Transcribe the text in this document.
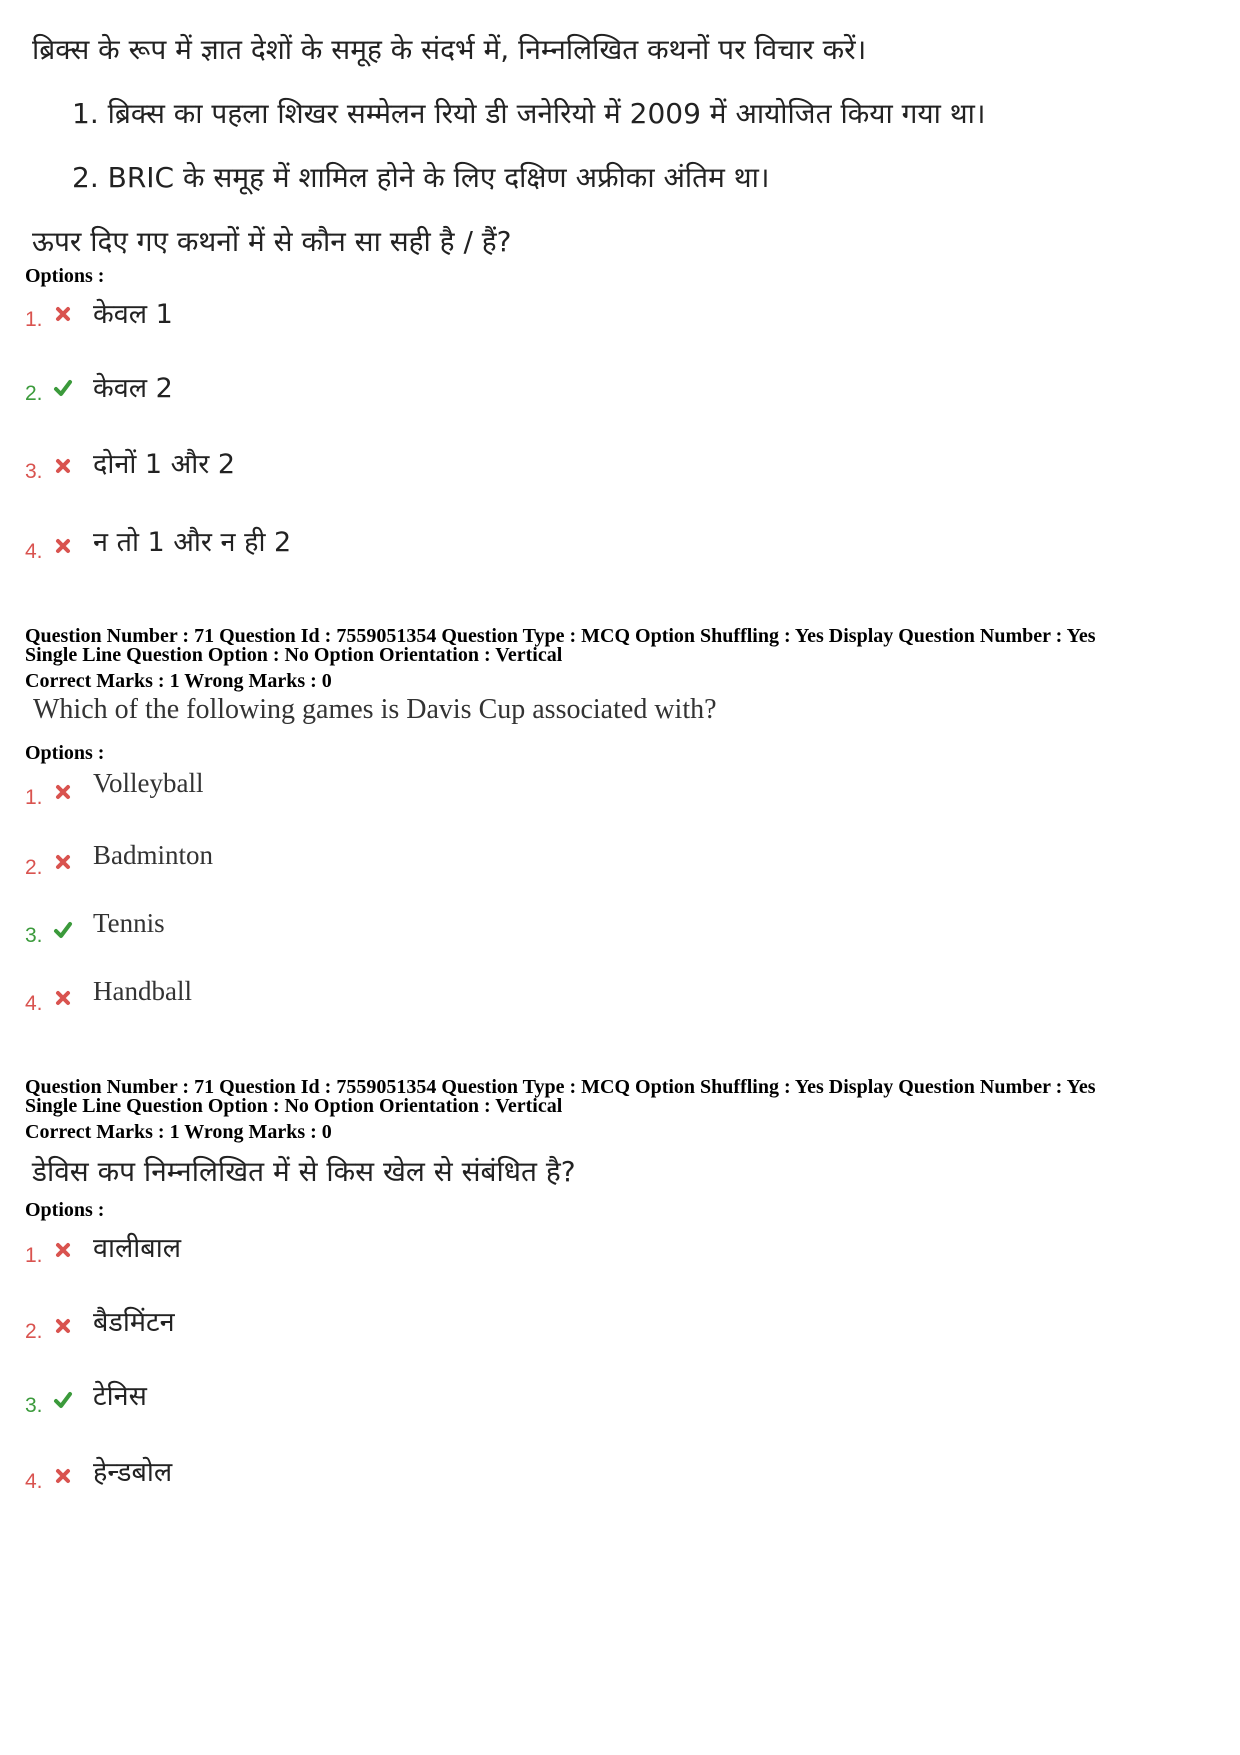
ब्रिक्स के रूप में ज्ञात देशों के समूह के संदर्भ में, निम्नलिखित कथनों पर विचार करें।
1. ब्रिक्स का पहला शिखर सम्मेलन रियो डी जनेरियो में 2009 में आयोजित किया गया था।
2. BRIC के समूह में शामिल होने के लिए दक्षिण अफ्रीका अंतिम था।
ऊपर दिए गए कथनों में से कौन सा सही है / हैं?
Options :
1. केवल 1
2. केवल 2
3. दोनों 1 और 2
4. न तो 1 और न ही 2
Question Number : 71 Question Id : 7559051354 Question Type : MCQ Option Shuffling : Yes Display Question Number : Yes
Single Line Question Option : No Option Orientation : Vertical
Correct Marks : 1 Wrong Marks : 0
Which of the following games is Davis Cup associated with?
Options :
1. Volleyball
2. Badminton
3. Tennis
4. Handball
Question Number : 71 Question Id : 7559051354 Question Type : MCQ Option Shuffling : Yes Display Question Number : Yes
Single Line Question Option : No Option Orientation : Vertical
Correct Marks : 1 Wrong Marks : 0
डेविस कप निम्नलिखित में से किस खेल से संबंधित है?
Options :
1. वालीबाल
2. बैडमिंटन
3. टेनिस
4. हेन्डबोल
